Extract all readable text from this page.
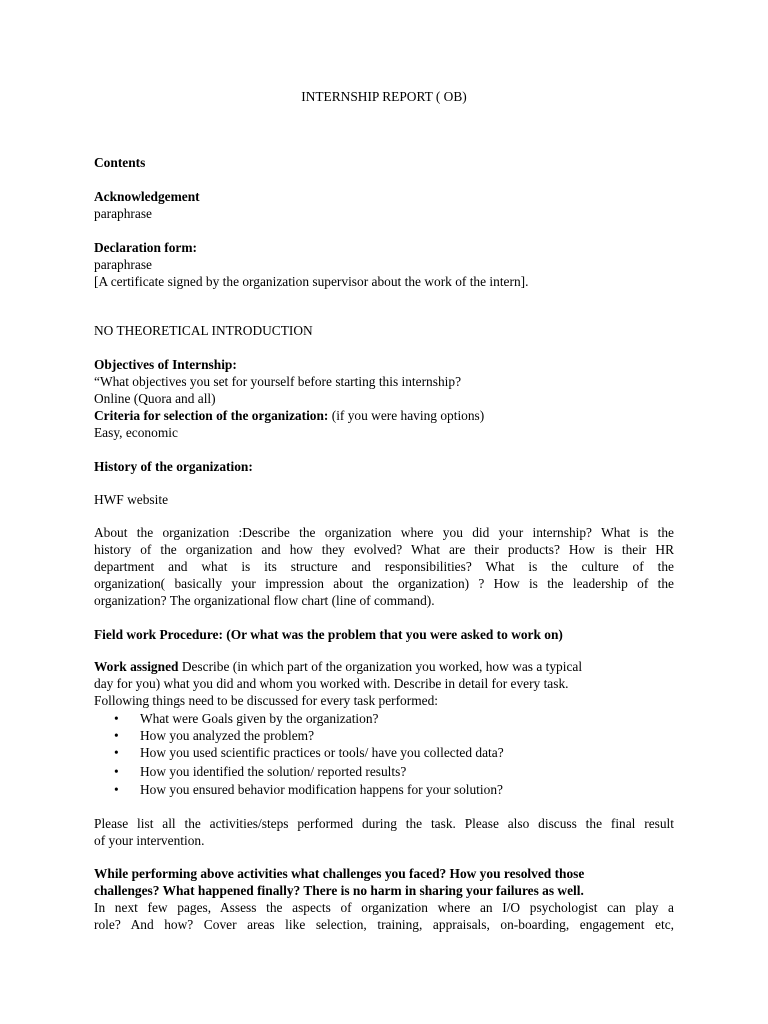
INTERNSHIP REPORT ( OB)
Contents
Acknowledgement
paraphrase
Declaration form:
paraphrase
[A certificate signed by the organization supervisor about the work of the intern].
NO THEORETICAL INTRODUCTION
Objectives of Internship:
“What objectives you set for yourself before starting this internship?
Online (Quora and all)
Criteria for selection of the organization: (if you were having options)
Easy, economic
History of the organization:
HWF website
About the organization :Describe the organization where you did your internship? What is the
history of the organization and how they evolved? What are their products? How is their HR
department and what is its structure and responsibilities? What is the culture of the
organization( basically your impression about the organization) ? How is the leadership of the
organization? The organizational flow chart (line of command).
Field work Procedure: (Or what was the problem that you were asked to work on)
Work assigned Describe (in which part of the organization you worked, how was a typical
day for you) what you did and whom you worked with. Describe in detail for every task.
Following things need to be discussed for every task performed:
•	What were Goals given by the organization?
•	How you analyzed the problem?
•	How you used scientific practices or tools/ have you collected data?
•	How you identified the solution/ reported results?
•	How you ensured behavior modification happens for your solution?
Please list all the activities/steps performed during the task. Please also discuss the final result
of your intervention.
While performing above activities what challenges you faced? How you resolved those
challenges? What happened finally? There is no harm in sharing your failures as well.
In next few pages, Assess the aspects of organization where an I/O psychologist can play a
role? And how? Cover areas like selection, training, appraisals, on-boarding, engagement etc,
